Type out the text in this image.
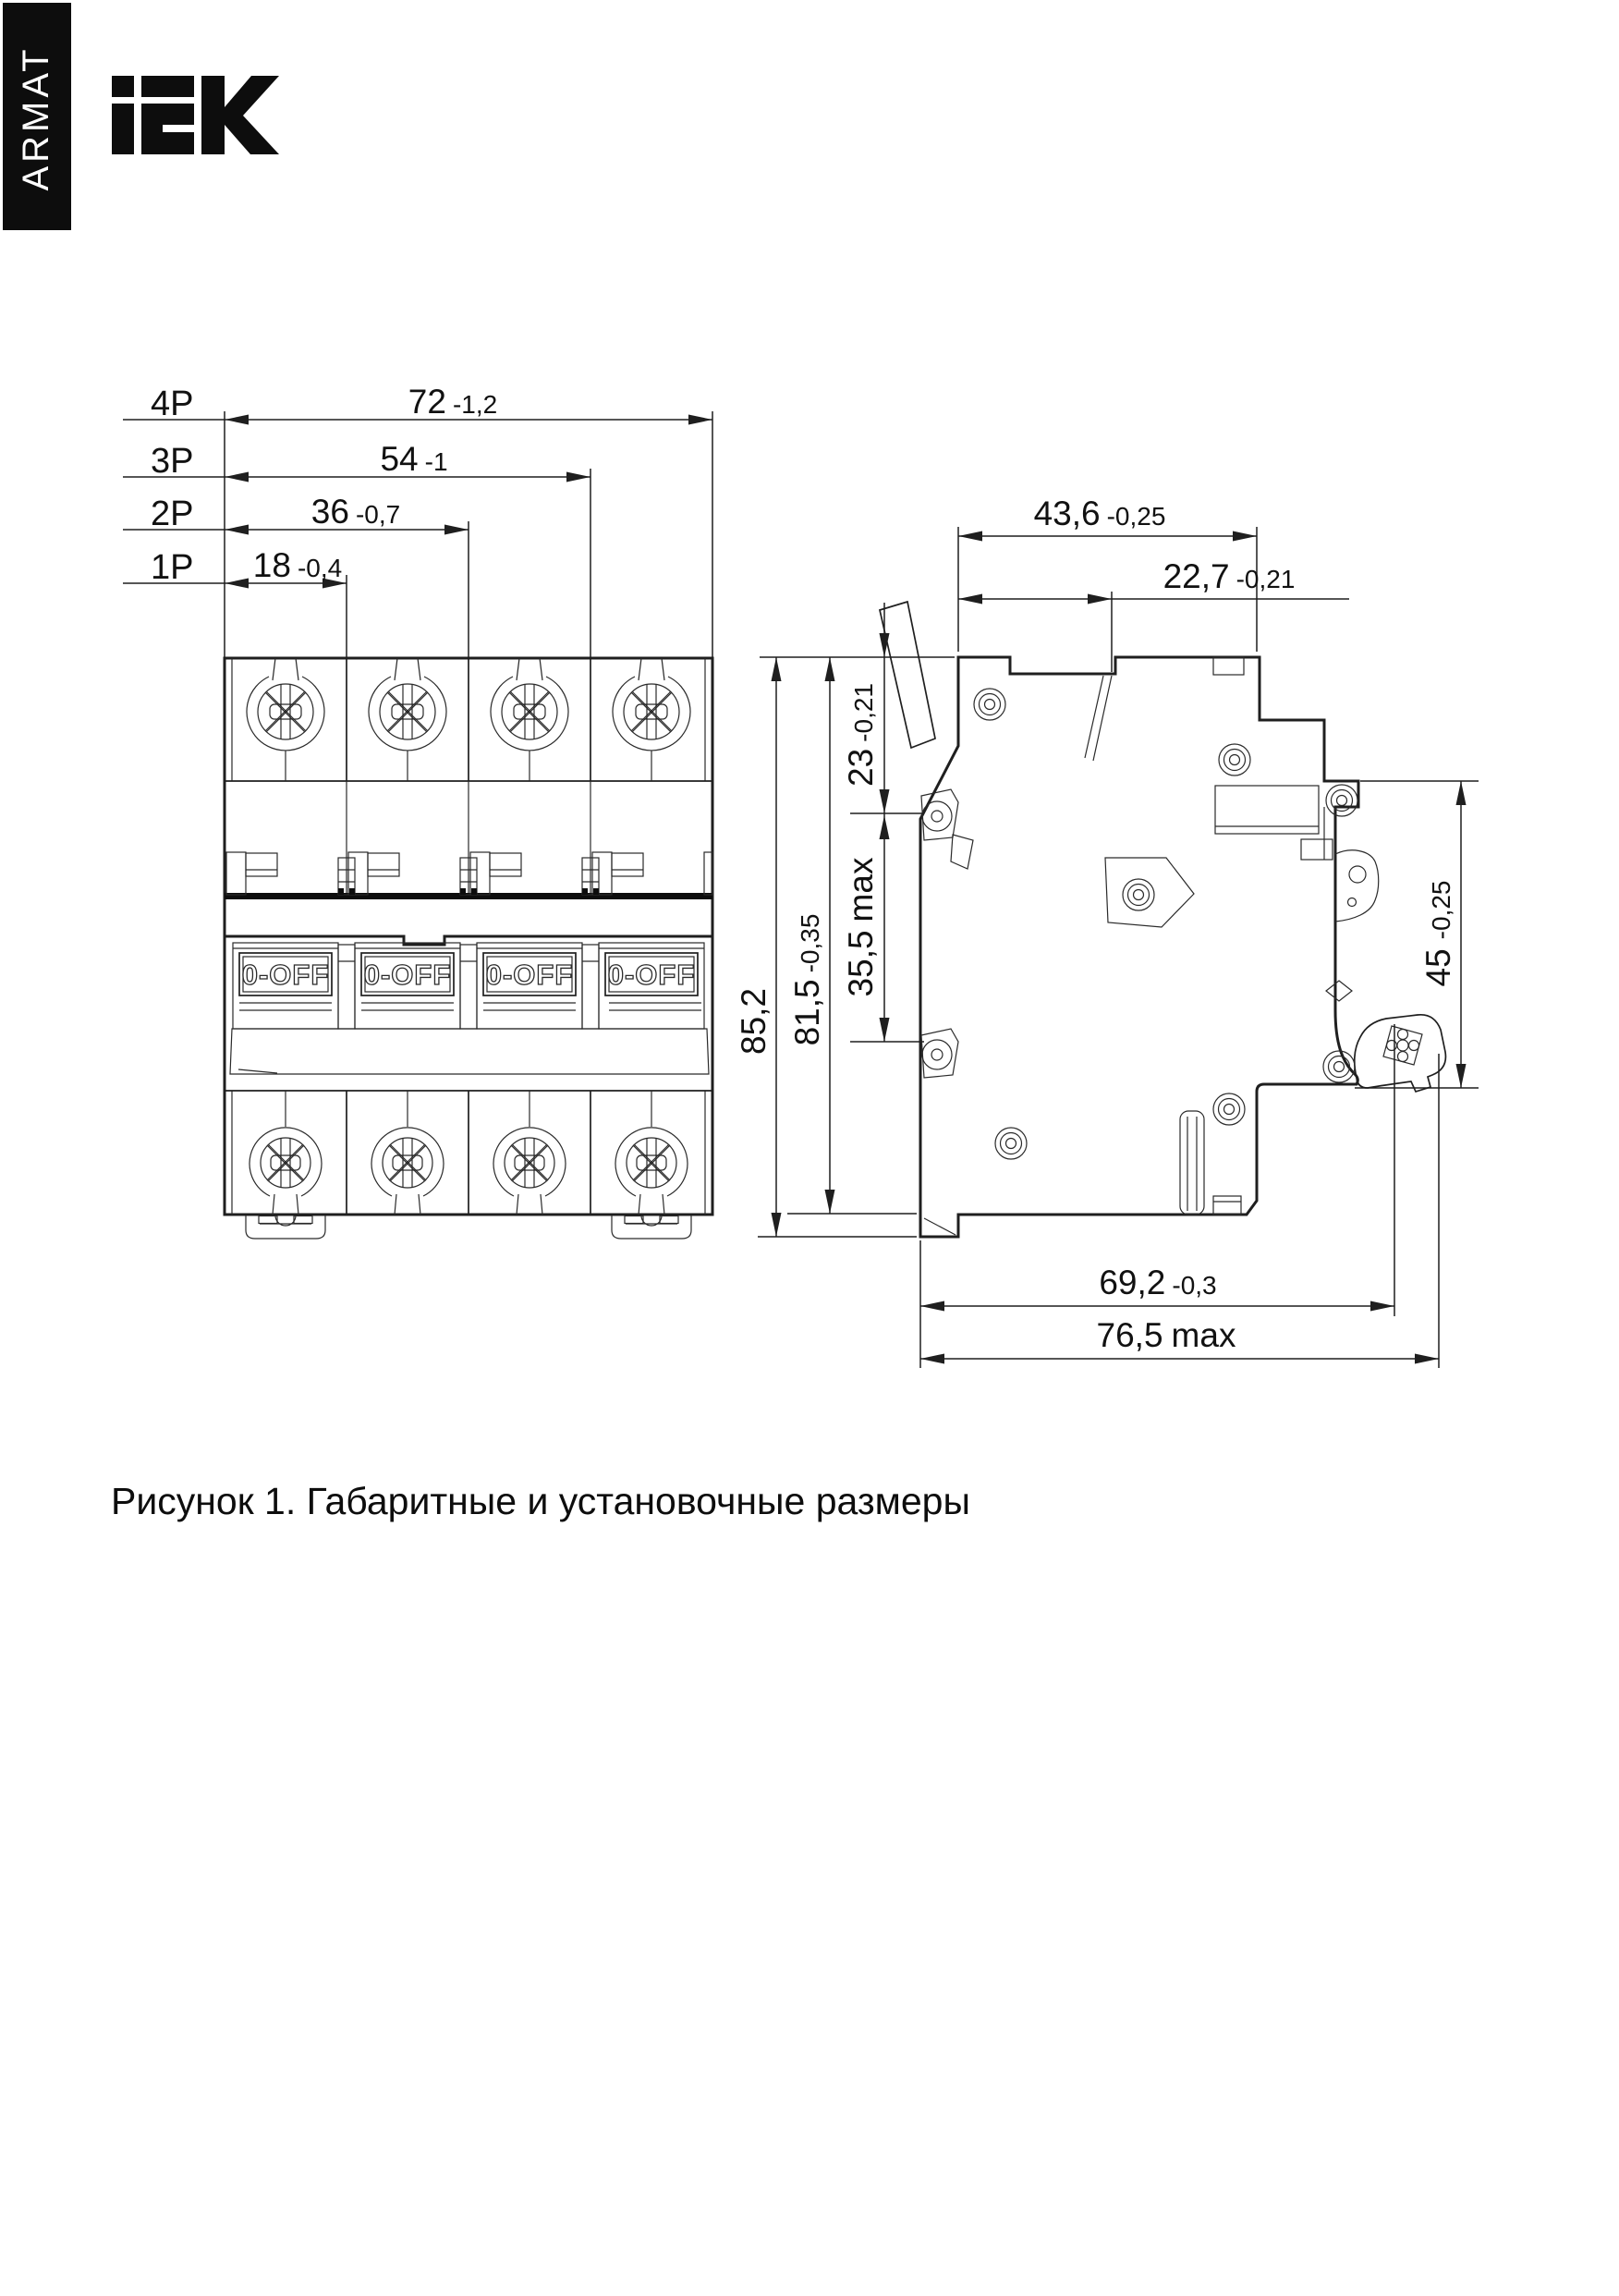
ARMAT
0-OFF 0-OFF 0-OFF 0-OFF
4P	72 -1,2
3P	54 -1
2P	36 -0,7
1P 18 -0,4
43,6 -0,25
22,7 -0,21
23-0,21
35,5max
81,5-0,35
85,2
45-0,25
69,2 -0,3
76,5 max
Рисунок 1. Габаритные и установочные размеры
